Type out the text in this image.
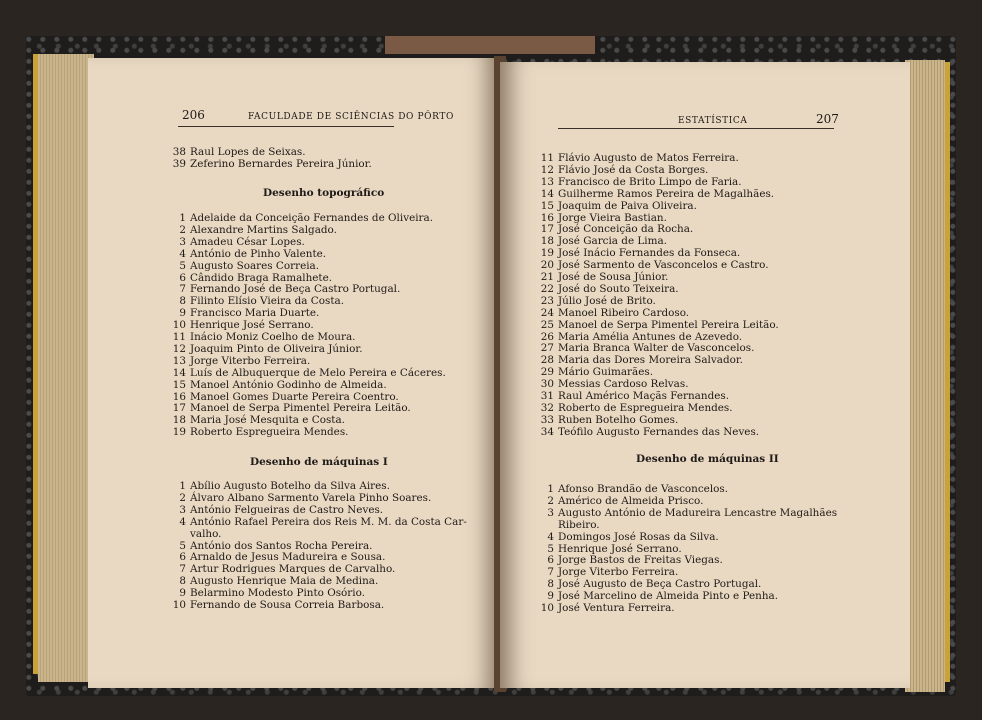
206	FACULDADE DE SCIÊNCIAS DO PÔRTO
38 Raul Lopes de Seixas.
39 Zeferino Bernardes Pereira Júnior.
Desenho topográfico
1 Adelaide da Conceição Fernandes de Oliveira.
2 Alexandre Martins Salgado.
3 Amadeu César Lopes.
4 António de Pinho Valente.
5 Augusto Soares Correia.
6 Cândido Braga Ramalhete.
7 Fernando José de Beça Castro Portugal.
8 Filinto Elísio Vieira da Costa.
9 Francisco Maria Duarte.
10 Henrique José Serrano.
11 Inácio Moniz Coelho de Moura.
12 Joaquim Pinto de Oliveira Júnior.
13 Jorge Viterbo Ferreira.
14 Luís de Albuquerque de Melo Pereira e Cáceres.
15 Manoel António Godinho de Almeida.
16 Manoel Gomes Duarte Pereira Coentro.
17 Manoel de Serpa Pimentel Pereira Leitão.
18 Maria José Mesquita e Costa.
19 Roberto Espregueira Mendes.
Desenho de máquinas I
1 Abílio Augusto Botelho da Silva Aires.
2 Álvaro Albano Sarmento Varela Pinho Soares.
3 António Felgueiras de Castro Neves.
4 António Rafael Pereira dos Reis M. M. da Costa Car-
valho.
5 António dos Santos Rocha Pereira.
6 Arnaldo de Jesus Madureira e Sousa.
7 Artur Rodrigues Marques de Carvalho.
8 Augusto Henrique Maia de Medina.
9 Belarmino Modesto Pinto Osório.
10 Fernando de Sousa Correia Barbosa.
ESTATÍSTICA	207
11 Flávio Augusto de Matos Ferreira.
12 Flávio José da Costa Borges.
13 Francisco de Brito Limpo de Faria.
14 Guilherme Ramos Pereira de Magalhães.
15 Joaquim de Paiva Oliveira.
16 Jorge Vieira Bastian.
17 José Conceição da Rocha.
18 José Garcia de Lima.
19 José Inácio Fernandes da Fonseca.
20 José Sarmento de Vasconcelos e Castro.
21 José de Sousa Júnior.
22 José do Souto Teixeira.
23 Júlio José de Brito.
24 Manoel Ribeiro Cardoso.
25 Manoel de Serpa Pimentel Pereira Leitão.
26 Maria Amélia Antunes de Azevedo.
27 Maria Branca Walter de Vasconcelos.
28 Maria das Dores Moreira Salvador.
29 Mário Guimarães.
30 Messias Cardoso Relvas.
31 Raul Américo Maçãs Fernandes.
32 Roberto de Espregueira Mendes.
33 Ruben Botelho Gomes.
34 Teófilo Augusto Fernandes das Neves.
Desenho de máquinas II
1 Afonso Brandão de Vasconcelos.
2 Américo de Almeida Prisco.
3 Augusto António de Madureira Lencastre Magalhães
Ribeiro.
4 Domingos José Rosas da Silva.
5 Henrique José Serrano.
6 Jorge Bastos de Freitas Viegas.
7 Jorge Viterbo Ferreira.
8 José Augusto de Beça Castro Portugal.
9 José Marcelino de Almeida Pinto e Penha.
10 José Ventura Ferreira.
